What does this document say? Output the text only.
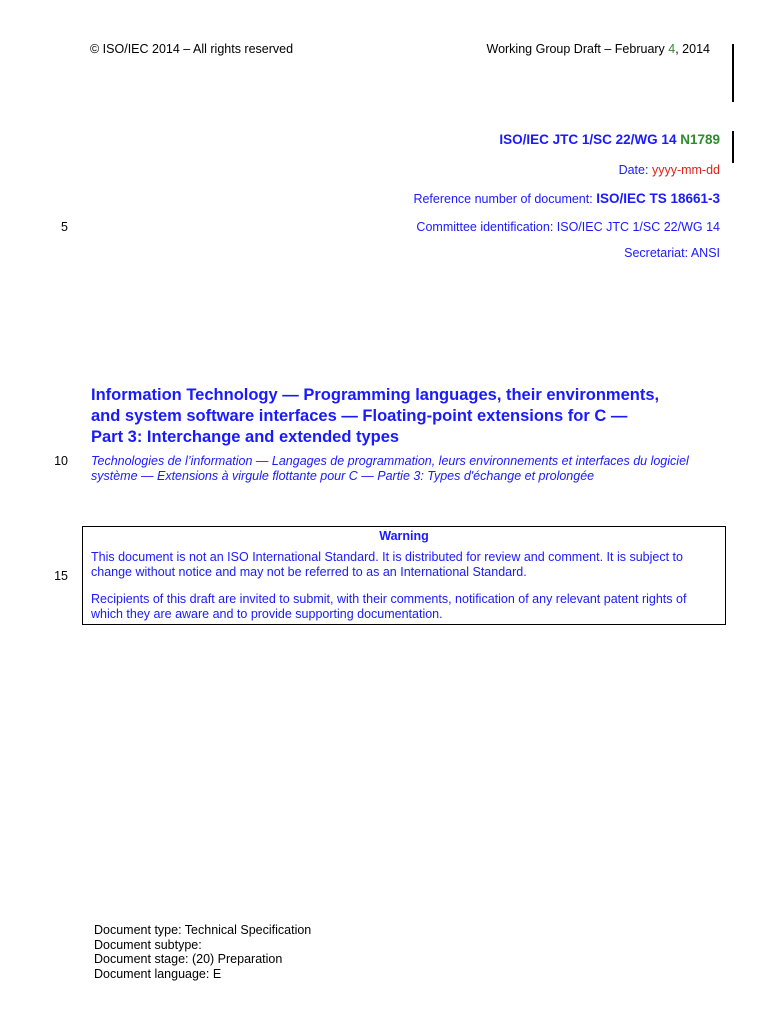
© ISO/IEC 2014 – All rights reserved	Working Group Draft – February 4, 2014
ISO/IEC JTC 1/SC 22/WG 14 N1789
Date: yyyy-mm-dd
Reference number of document: ISO/IEC TS 18661-3
5	Committee identification: ISO/IEC JTC 1/SC 22/WG 14
Secretariat: ANSI
Information Technology — Programming languages, their environments,
and system software interfaces — Floating-point extensions for C —
Part 3: Interchange and extended types
10 Technologies de l’information — Langages de programmation, leurs environnements et interfaces du logiciel
système — Extensions à virgule flottante pour C — Partie 3: Types d'échange et prolongée
Warning
This document is not an ISO International Standard. It is distributed for review and comment. It is subject to
change without notice and may not be referred to as an International Standard.
Recipients of this draft are invited to submit, with their comments, notification of any relevant patent rights of
which they are aware and to provide supporting documentation.
15
Document type: Technical Specification
Document subtype:
Document stage: (20) Preparation
Document language: E
